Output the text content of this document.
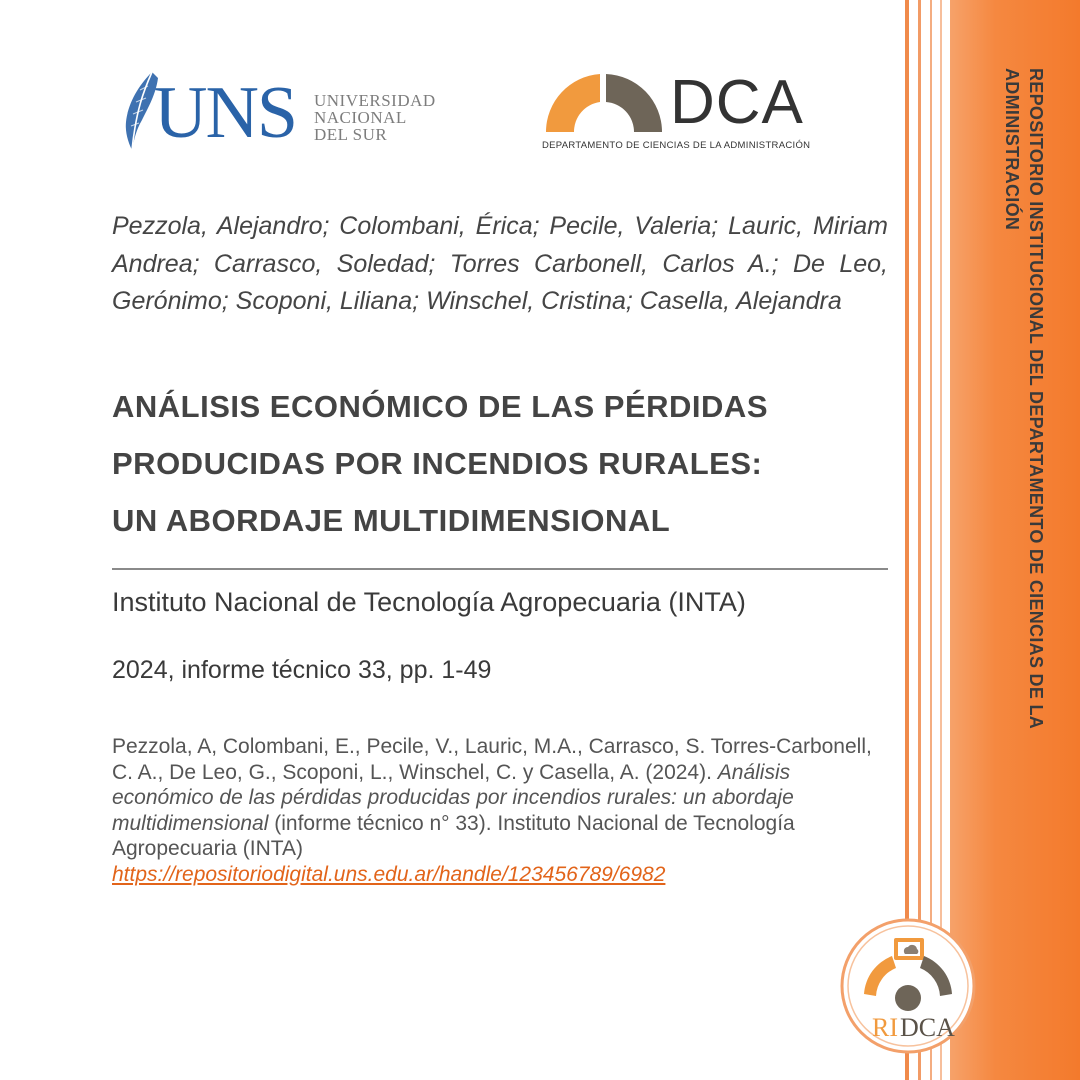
REPOSITORIO INSTITUCIONAL DEL DEPARTAMENTO DE CIENCIAS DE LA ADMINISTRACIÓN
UNS UNIVERSIDAD
NACIONAL
DEL SUR	DCA
DEPARTAMENTO DE CIENCIAS DE LA ADMINISTRACIÓN
Pezzola, Alejandro; Colombani, Érica; Pecile, Valeria; Lauric, Miriam Andrea; Carrasco, Soledad; Torres Carbonell, Carlos A.; De Leo, Gerónimo; Scoponi, Liliana; Winschel, Cristina; Casella, Alejandra
ANÁLISIS ECONÓMICO DE LAS PÉRDIDAS
PRODUCIDAS POR INCENDIOS RURALES:
UN ABORDAJE MULTIDIMENSIONAL
Instituto Nacional de Tecnología Agropecuaria (INTA)
2024, informe técnico 33, pp. 1-49
Pezzola, A, Colombani, E., Pecile, V., Lauric, M.A., Carrasco, S. Torres-Carbonell, C. A., De Leo, G., Scoponi, L., Winschel, C. y Casella, A. (2024). Análisis económico de las pérdidas producidas por incendios rurales: un abordaje multidimensional (informe técnico n° 33). Instituto Nacional de Tecnología Agropecuaria (INTA)
https://repositoriodigital.uns.edu.ar/handle/123456789/6982
RI DCA
